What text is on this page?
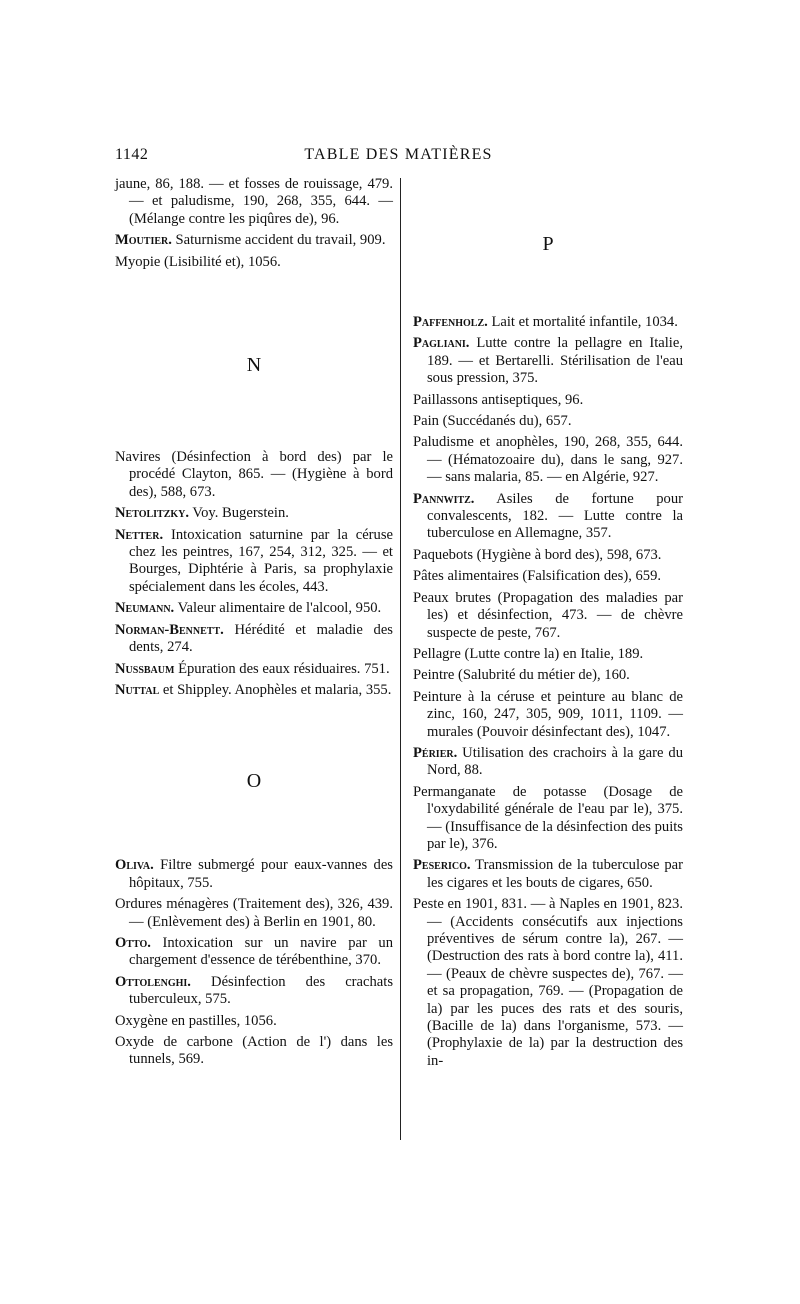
1142	TABLE DES MATIÈRES

jaune, 86, 188. — et fosses de rouissage, 479. — et paludisme, 190, 268, 355, 644. — (Mélange contre les piqûres de), 96.

Moutier. Saturnisme accident du travail, 909.

Myopie (Lisibilité et), 1056.

N

Navires (Désinfection à bord des) par le procédé Clayton, 865. — (Hygiène à bord des), 588, 673.

Netolitzky. Voy. Bugerstein.

Netter. Intoxication saturnine par la céruse chez les peintres, 167, 254, 312, 325. — et Bourges, Diphtérie à Paris, sa prophylaxie spécialement dans les écoles, 443.

Neumann. Valeur alimentaire de l'alcool, 950.

Norman-Bennett. Hérédité et maladie des dents, 274.

Nussbaum Épuration des eaux résiduaires. 751.

Nuttal et Shippley. Anophèles et malaria, 355.

O

Oliva. Filtre submergé pour eaux-vannes des hôpitaux, 755.

Ordures ménagères (Traitement des), 326, 439. — (Enlèvement des) à Berlin en 1901, 80.

Otto. Intoxication sur un navire par un chargement d'essence de térébenthine, 370.

Ottolenghi. Désinfection des crachats tuberculeux, 575.

Oxygène en pastilles, 1056.

Oxyde de carbone (Action de l') dans les tunnels, 569.

P

Paffenholz. Lait et mortalité infantile, 1034.

Pagliani. Lutte contre la pellagre en Italie, 189. — et Bertarelli. Stérilisation de l'eau sous pression, 375.

Paillassons antiseptiques, 96.

Pain (Succédanés du), 657.

Paludisme et anophèles, 190, 268, 355, 644. — (Hématozoaire du), dans le sang, 927. — sans malaria, 85. — en Algérie, 927.

Pannwitz. Asiles de fortune pour convalescents, 182. — Lutte contre la tuberculose en Allemagne, 357.

Paquebots (Hygiène à bord des), 598, 673.

Pâtes alimentaires (Falsification des), 659.

Peaux brutes (Propagation des maladies par les) et désinfection, 473. — de chèvre suspecte de peste, 767.

Pellagre (Lutte contre la) en Italie, 189.

Peintre (Salubrité du métier de), 160.

Peinture à la céruse et peinture au blanc de zinc, 160, 247, 305, 909, 1011, 1109. — murales (Pouvoir désinfectant des), 1047.

Périer. Utilisation des crachoirs à la gare du Nord, 88.

Permanganate de potasse (Dosage de l'oxydabilité générale de l'eau par le), 375. — (Insuffisance de la désinfection des puits par le), 376.

Peserico. Transmission de la tuberculose par les cigares et les bouts de cigares, 650.

Peste en 1901, 831. — à Naples en 1901, 823. — (Accidents consécutifs aux injections préventives de sérum contre la), 267. — (Destruction des rats à bord contre la), 411. — (Peaux de chèvre suspectes de), 767. — et sa propagation, 769. — (Propagation de la) par les puces des rats et des souris, (Bacille de la) dans l'organisme, 573. — (Prophylaxie de la) par la destruction des in-
